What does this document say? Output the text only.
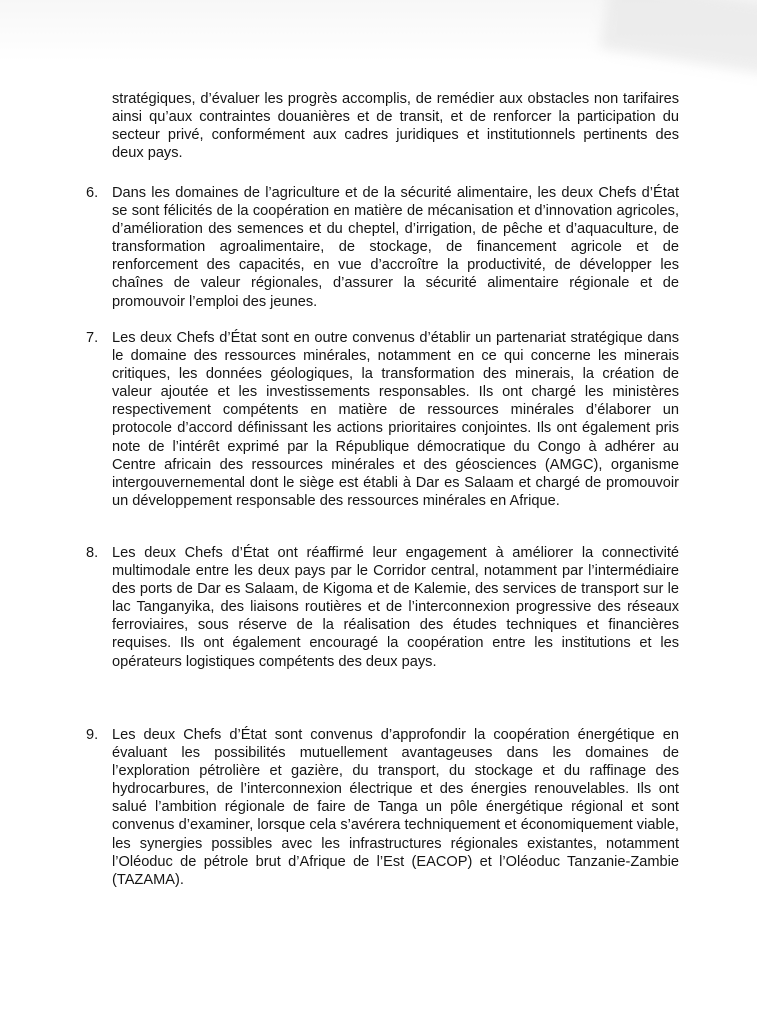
stratégiques, d’évaluer les progrès accomplis, de remédier aux obstacles non tarifaires ainsi qu’aux contraintes douanières et de transit, et de renforcer la participation du secteur privé, conformément aux cadres juridiques et institutionnels pertinents des deux pays.

6. Dans les domaines de l’agriculture et de la sécurité alimentaire, les deux Chefs d’État se sont félicités de la coopération en matière de mécanisation et d’innovation agricoles, d’amélioration des semences et du cheptel, d’irrigation, de pêche et d’aquaculture, de transformation agroalimentaire, de stockage, de financement agricole et de renforcement des capacités, en vue d’accroître la productivité, de développer les chaînes de valeur régionales, d’assurer la sécurité alimentaire régionale et de promouvoir l’emploi des jeunes.

7. Les deux Chefs d’État sont en outre convenus d’établir un partenariat stratégique dans le domaine des ressources minérales, notamment en ce qui concerne les minerais critiques, les données géologiques, la transformation des minerais, la création de valeur ajoutée et les investissements responsables. Ils ont chargé les ministères respectivement compétents en matière de ressources minérales d’élaborer un protocole d’accord définissant les actions prioritaires conjointes. Ils ont également pris note de l’intérêt exprimé par la République démocratique du Congo à adhérer au Centre africain des ressources minérales et des géosciences (AMGC), organisme intergouvernemental dont le siège est établi à Dar es Salaam et chargé de promouvoir un développement responsable des ressources minérales en Afrique.

8. Les deux Chefs d’État ont réaffirmé leur engagement à améliorer la connectivité multimodale entre les deux pays par le Corridor central, notamment par l’intermédiaire des ports de Dar es Salaam, de Kigoma et de Kalemie, des services de transport sur le lac Tanganyika, des liaisons routières et de l’interconnexion progressive des réseaux ferroviaires, sous réserve de la réalisation des études techniques et financières requises. Ils ont également encouragé la coopération entre les institutions et les opérateurs logistiques compétents des deux pays.

9. Les deux Chefs d’État sont convenus d’approfondir la coopération énergétique en évaluant les possibilités mutuellement avantageuses dans les domaines de l’exploration pétrolière et gazière, du transport, du stockage et du raffinage des hydrocarbures, de l’interconnexion électrique et des énergies renouvelables. Ils ont salué l’ambition régionale de faire de Tanga un pôle énergétique régional et sont convenus d’examiner, lorsque cela s’avérera techniquement et économiquement viable, les synergies possibles avec les infrastructures régionales existantes, notamment l’Oléoduc de pétrole brut d’Afrique de l’Est (EACOP) et l’Oléoduc Tanzanie-Zambie (TAZAMA).
